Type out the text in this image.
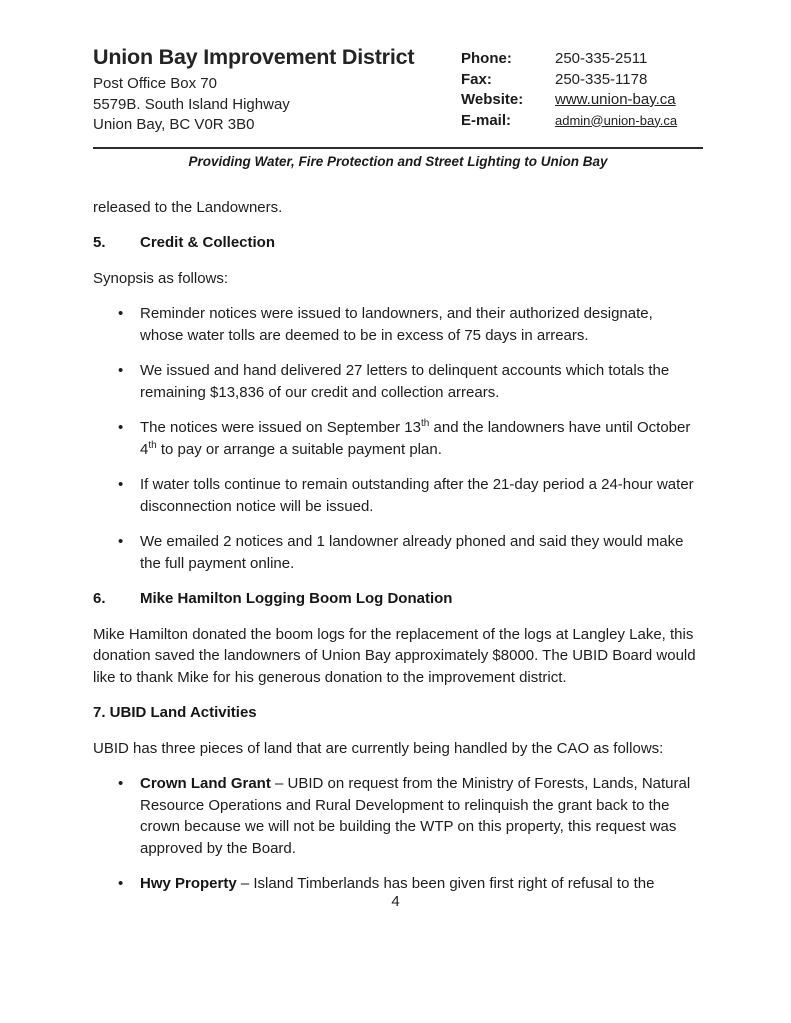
Union Bay Improvement District
Post Office Box 70
5579B. South Island Highway
Union Bay, BC V0R 3B0
Phone:	250-335-2511
Fax:	250-335-1178
Website:	www.union-bay.ca
E-mail:	admin@union-bay.ca
Providing Water, Fire Protection and Street Lighting to Union Bay

released to the Landowners.

5. Credit & Collection

Synopsis as follows:

•	Reminder notices were issued to landowners, and their authorized designate, whose water tolls are deemed to be in excess of 75 days in arrears.
•	We issued and hand delivered 27 letters to delinquent accounts which totals the remaining $13,836 of our credit and collection arrears.
•	The notices were issued on September 13th and the landowners have until October 4th to pay or arrange a suitable payment plan.
•	If water tolls continue to remain outstanding after the 21-day period a 24-hour water disconnection notice will be issued.
•	We emailed 2 notices and 1 landowner already phoned and said they would make the full payment online.

6. Mike Hamilton Logging Boom Log Donation

Mike Hamilton donated the boom logs for the replacement of the logs at Langley Lake, this donation saved the landowners of Union Bay approximately $8000. The UBID Board would like to thank Mike for his generous donation to the improvement district.

7. UBID Land Activities

UBID has three pieces of land that are currently being handled by the CAO as follows:

•	Crown Land Grant – UBID on request from the Ministry of Forests, Lands, Natural Resource Operations and Rural Development to relinquish the grant back to the crown because we will not be building the WTP on this property, this request was approved by the Board.
•	Hwy Property – Island Timberlands has been given first right of refusal to the
4
